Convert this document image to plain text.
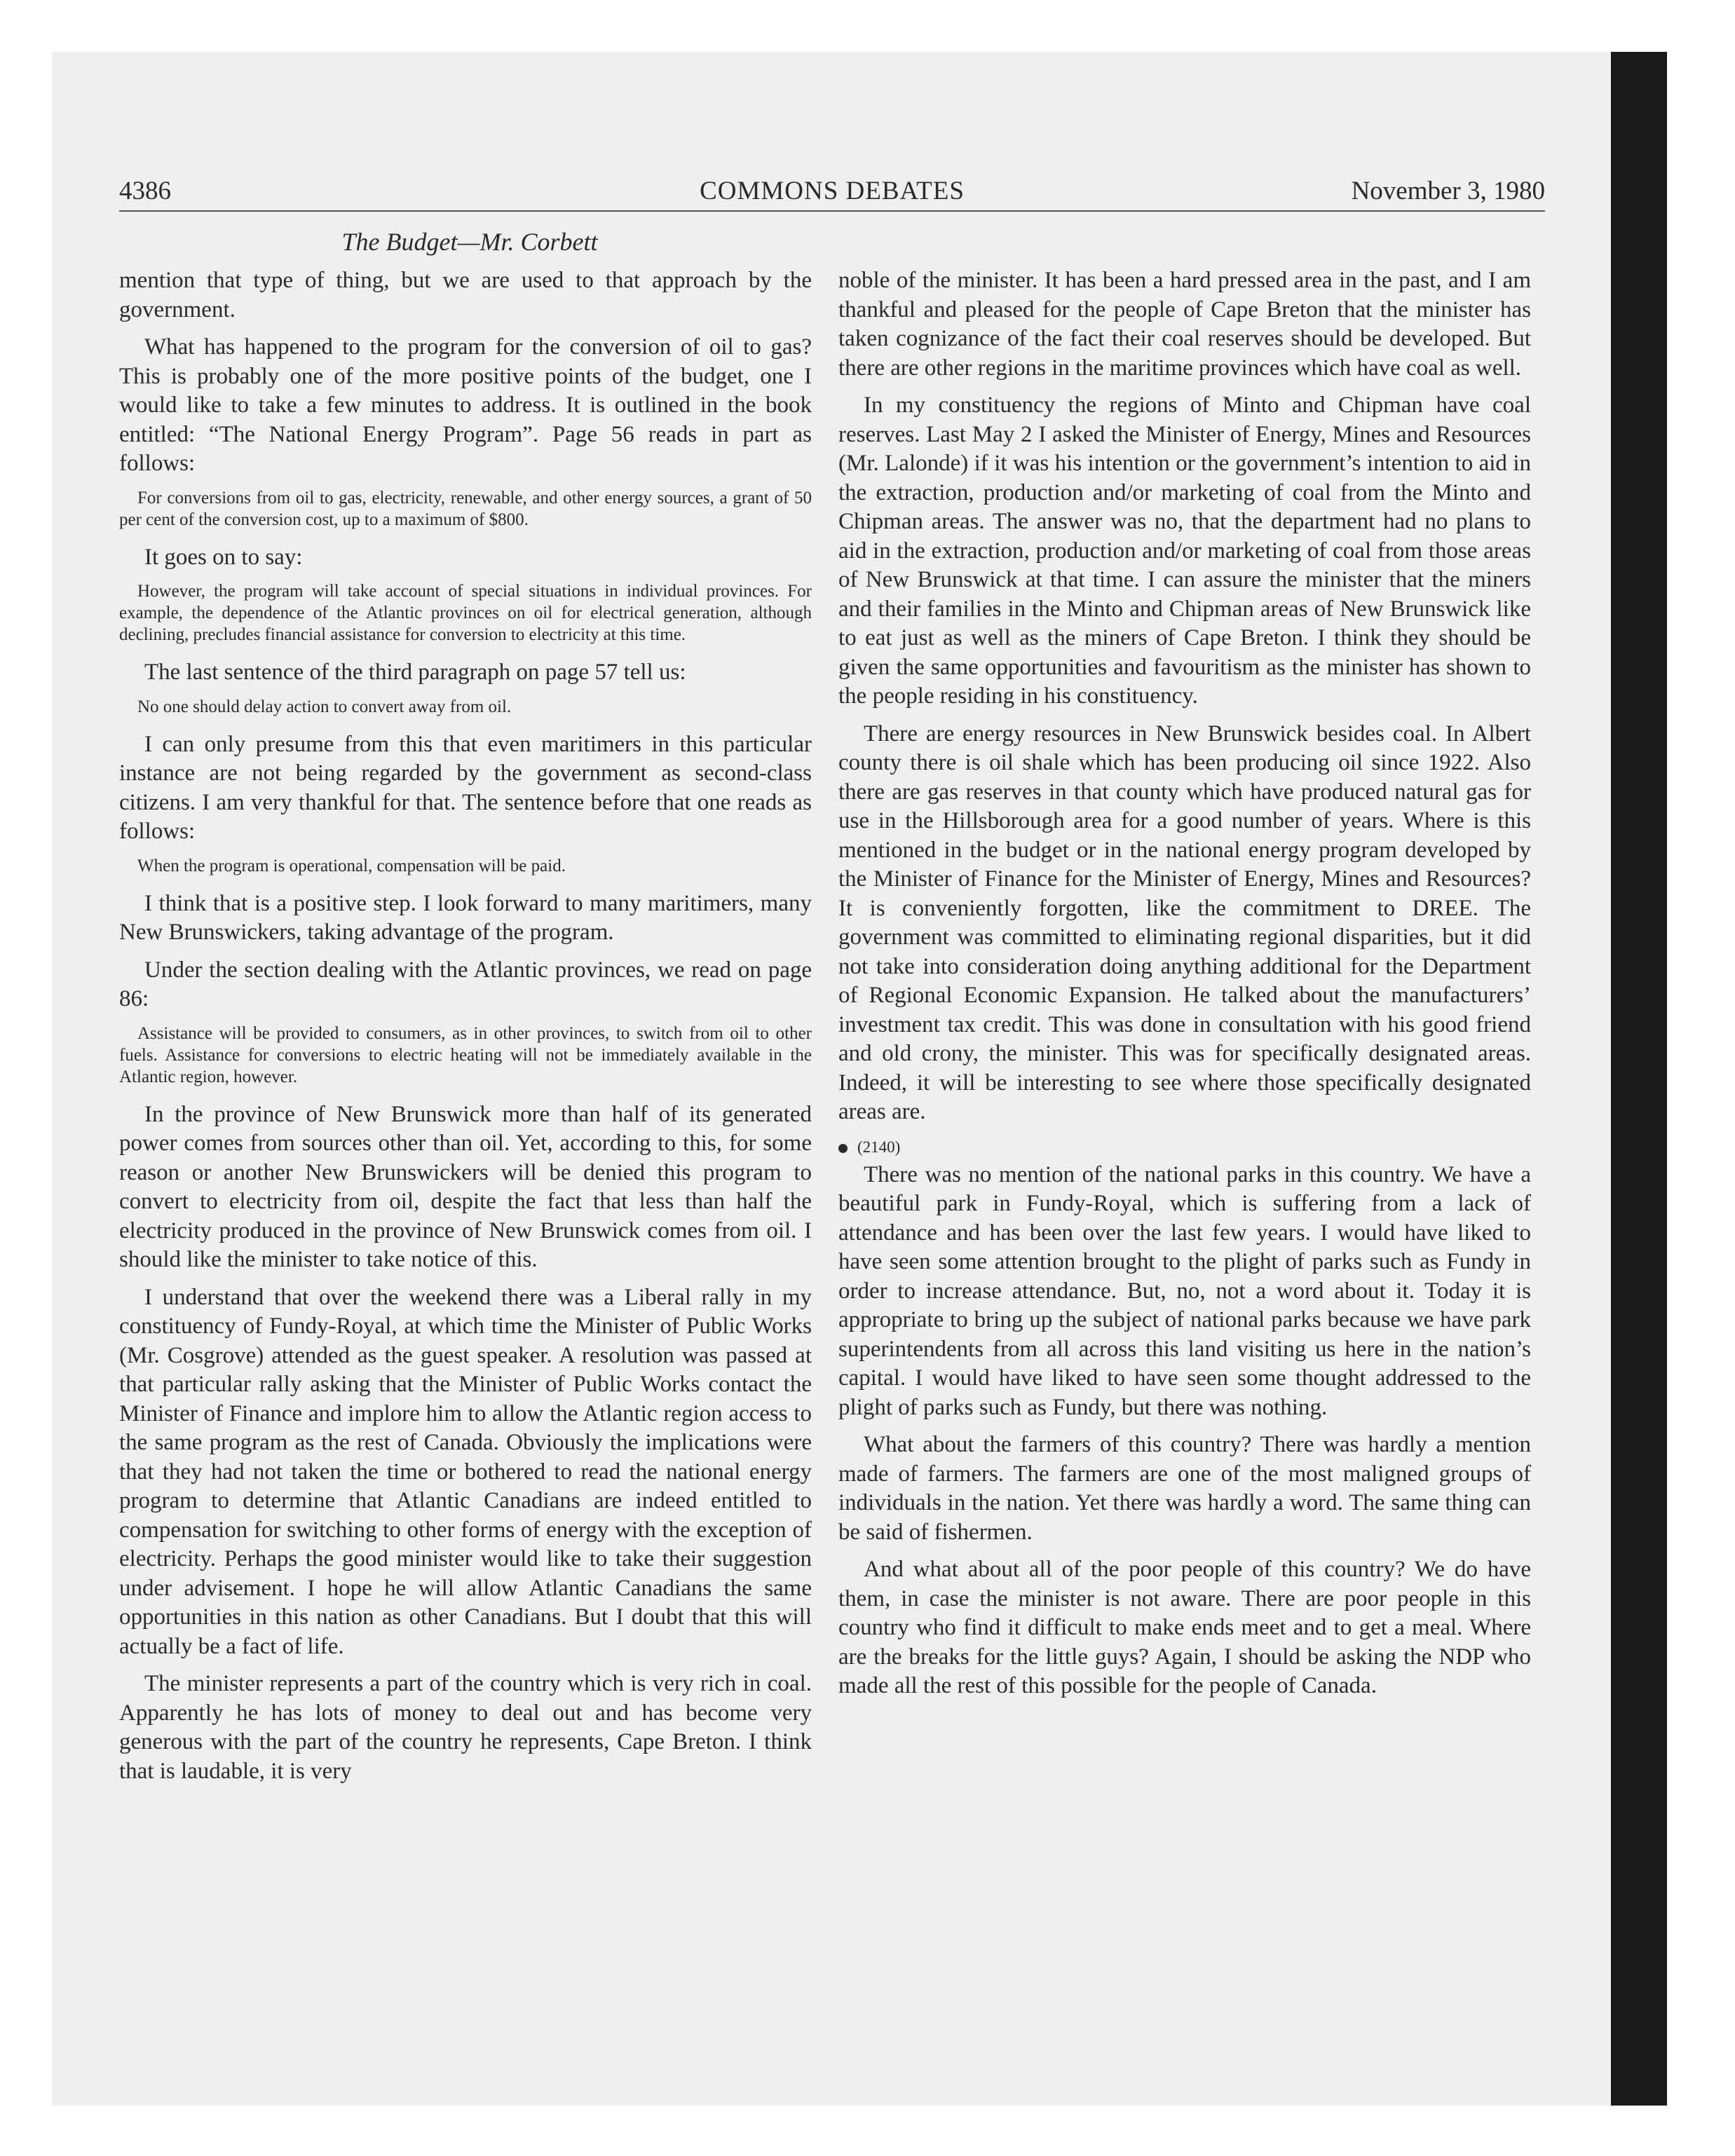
4386	COMMONS DEBATES	November 3, 1980
The Budget—Mr. Corbett

mention that type of thing, but we are used to that approach by the government.

What has happened to the program for the conversion of oil to gas? This is probably one of the more positive points of the budget, one I would like to take a few minutes to address. It is outlined in the book entitled: “The National Energy Program”. Page 56 reads in part as follows:

For conversions from oil to gas, electricity, renewable, and other energy sources, a grant of 50 per cent of the conversion cost, up to a maximum of $800.

It goes on to say:

However, the program will take account of special situations in individual provinces. For example, the dependence of the Atlantic provinces on oil for electrical generation, although declining, precludes financial assistance for conversion to electricity at this time.

The last sentence of the third paragraph on page 57 tell us:

No one should delay action to convert away from oil.

I can only presume from this that even maritimers in this particular instance are not being regarded by the government as second-class citizens. I am very thankful for that. The sentence before that one reads as follows:

When the program is operational, compensation will be paid.

I think that is a positive step. I look forward to many maritimers, many New Brunswickers, taking advantage of the program.

Under the section dealing with the Atlantic provinces, we read on page 86:

Assistance will be provided to consumers, as in other provinces, to switch from oil to other fuels. Assistance for conversions to electric heating will not be immediately available in the Atlantic region, however.

In the province of New Brunswick more than half of its generated power comes from sources other than oil. Yet, according to this, for some reason or another New Brunswickers will be denied this program to convert to electricity from oil, despite the fact that less than half the electricity produced in the province of New Brunswick comes from oil. I should like the minister to take notice of this.

I understand that over the weekend there was a Liberal rally in my constituency of Fundy-Royal, at which time the Minister of Public Works (Mr. Cosgrove) attended as the guest speaker. A resolution was passed at that particular rally asking that the Minister of Public Works contact the Minister of Finance and implore him to allow the Atlantic region access to the same program as the rest of Canada. Obviously the implications were that they had not taken the time or bothered to read the national energy program to determine that Atlantic Canadians are indeed entitled to compensation for switching to other forms of energy with the exception of electricity. Perhaps the good minister would like to take their suggestion under advisement. I hope he will allow Atlantic Canadians the same opportunities in this nation as other Canadians. But I doubt that this will actually be a fact of life.

The minister represents a part of the country which is very rich in coal. Apparently he has lots of money to deal out and has become very generous with the part of the country he represents, Cape Breton. I think that is laudable, it is very

noble of the minister. It has been a hard pressed area in the past, and I am thankful and pleased for the people of Cape Breton that the minister has taken cognizance of the fact their coal reserves should be developed. But there are other regions in the maritime provinces which have coal as well.

In my constituency the regions of Minto and Chipman have coal reserves. Last May 2 I asked the Minister of Energy, Mines and Resources (Mr. Lalonde) if it was his intention or the government’s intention to aid in the extraction, production and/or marketing of coal from the Minto and Chipman areas. The answer was no, that the department had no plans to aid in the extraction, production and/or marketing of coal from those areas of New Brunswick at that time. I can assure the minister that the miners and their families in the Minto and Chipman areas of New Brunswick like to eat just as well as the miners of Cape Breton. I think they should be given the same opportunities and favouritism as the minister has shown to the people residing in his constituency.

There are energy resources in New Brunswick besides coal. In Albert county there is oil shale which has been producing oil since 1922. Also there are gas reserves in that county which have produced natural gas for use in the Hillsborough area for a good number of years. Where is this mentioned in the budget or in the national energy program developed by the Minister of Finance for the Minister of Energy, Mines and Resources? It is conveniently forgotten, like the commitment to DREE. The government was committed to eliminating regional disparities, but it did not take into consideration doing anything additional for the Department of Regional Economic Expansion. He talked about the manufacturers’ investment tax credit. This was done in consultation with his good friend and old crony, the minister. This was for specifically designated areas. Indeed, it will be interesting to see where those specifically designated areas are.

(2140)

There was no mention of the national parks in this country. We have a beautiful park in Fundy-Royal, which is suffering from a lack of attendance and has been over the last few years. I would have liked to have seen some attention brought to the plight of parks such as Fundy in order to increase attendance. But, no, not a word about it. Today it is appropriate to bring up the subject of national parks because we have park superintendents from all across this land visiting us here in the nation’s capital. I would have liked to have seen some thought addressed to the plight of parks such as Fundy, but there was nothing.

What about the farmers of this country? There was hardly a mention made of farmers. The farmers are one of the most maligned groups of individuals in the nation. Yet there was hardly a word. The same thing can be said of fishermen.

And what about all of the poor people of this country? We do have them, in case the minister is not aware. There are poor people in this country who find it difficult to make ends meet and to get a meal. Where are the breaks for the little guys? Again, I should be asking the NDP who made all the rest of this possible for the people of Canada.
